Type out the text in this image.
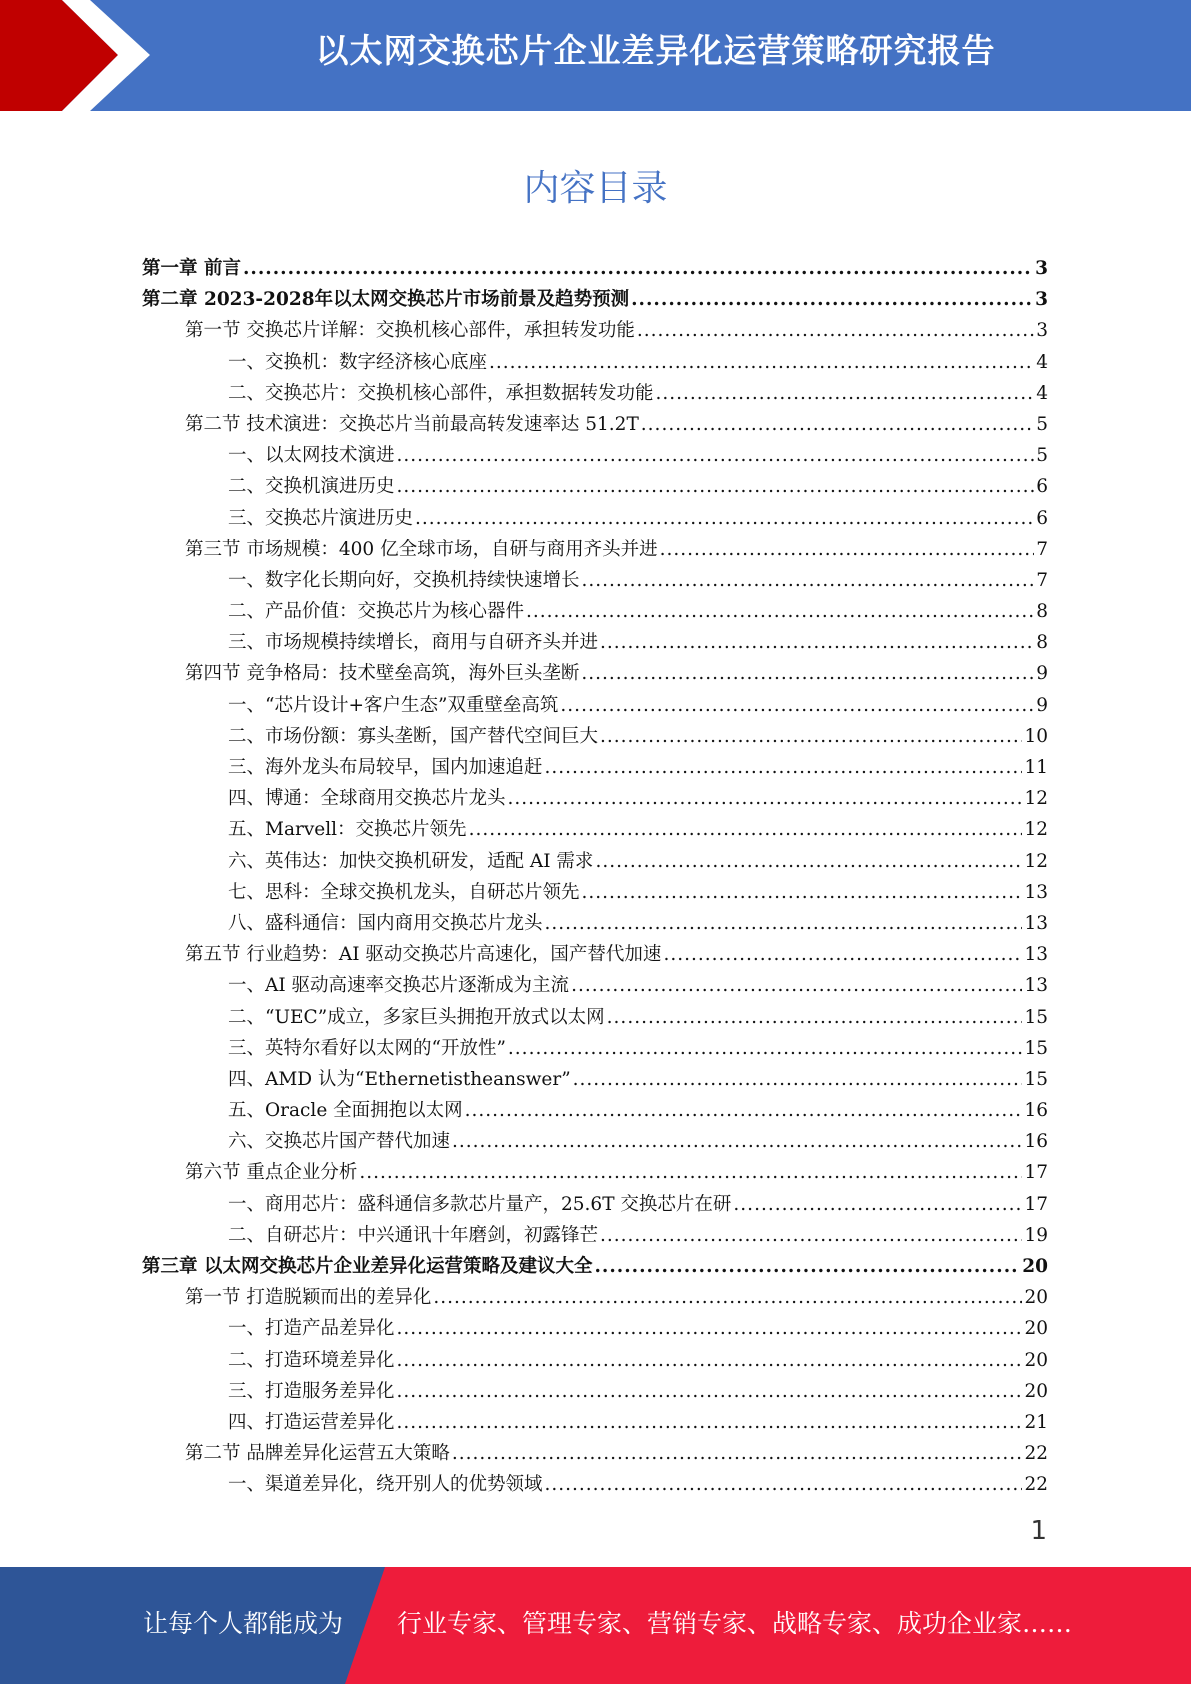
以太网交换芯片企业差异化运营策略研究报告
内容目录
第一章 前言 .....	3
第二章 2023-2028年以太网交换芯片市场前景及趋势预测 .....	3
第一节 交换芯片详解：交换机核心部件，承担转发功能 .....	3
一、交换机：数字经济核心底座 .....	4
二、交换芯片：交换机核心部件，承担数据转发功能 .....	4
第二节 技术演进：交换芯片当前最高转发速率达 51.2T .....	5
一、以太网技术演进 .....	5
二、交换机演进历史 .....	6
三、交换芯片演进历史 .....	6
第三节 市场规模：400 亿全球市场，自研与商用齐头并进 .....	7
一、数字化长期向好，交换机持续快速增长 .....	7
二、产品价值：交换芯片为核心器件 .....	8
三、市场规模持续增长，商用与自研齐头并进 .....	8
第四节 竞争格局：技术壁垒高筑，海外巨头垄断 .....	9
一、“芯片设计+客户生态”双重壁垒高筑 .....	9
二、市场份额：寡头垄断，国产替代空间巨大 .....	10
三、海外龙头布局较早，国内加速追赶 .....	11
四、博通：全球商用交换芯片龙头 .....	12
五、Marvell：交换芯片领先 .....	12
六、英伟达：加快交换机研发，适配 AI 需求 .....	12
七、思科：全球交换机龙头，自研芯片领先 .....	13
八、盛科通信：国内商用交换芯片龙头 .....	13
第五节 行业趋势：AI 驱动交换芯片高速化，国产替代加速 .....	13
一、AI 驱动高速率交换芯片逐渐成为主流 .....	13
二、“UEC”成立，多家巨头拥抱开放式以太网 .....	15
三、英特尔看好以太网的“开放性” .....	15
四、AMD 认为“Ethernetistheanswer” .....	15
五、Oracle 全面拥抱以太网 .....	16
六、交换芯片国产替代加速 .....	16
第六节 重点企业分析 .....	17
一、商用芯片：盛科通信多款芯片量产，25.6T 交换芯片在研 .....	17
二、自研芯片：中兴通讯十年磨剑，初露锋芒 .....	19
第三章 以太网交换芯片企业差异化运营策略及建议大全 .....	20
第一节 打造脱颖而出的差异化 .....	20
一、打造产品差异化 .....	20
二、打造环境差异化 .....	20
三、打造服务差异化 .....	20
四、打造运营差异化 .....	21
第二节 品牌差异化运营五大策略 .....	22
一、渠道差异化，绕开别人的优势领域 .....	22
1
让每个人都能成为 行业专家、管理专家、营销专家、战略专家、成功企业家……
